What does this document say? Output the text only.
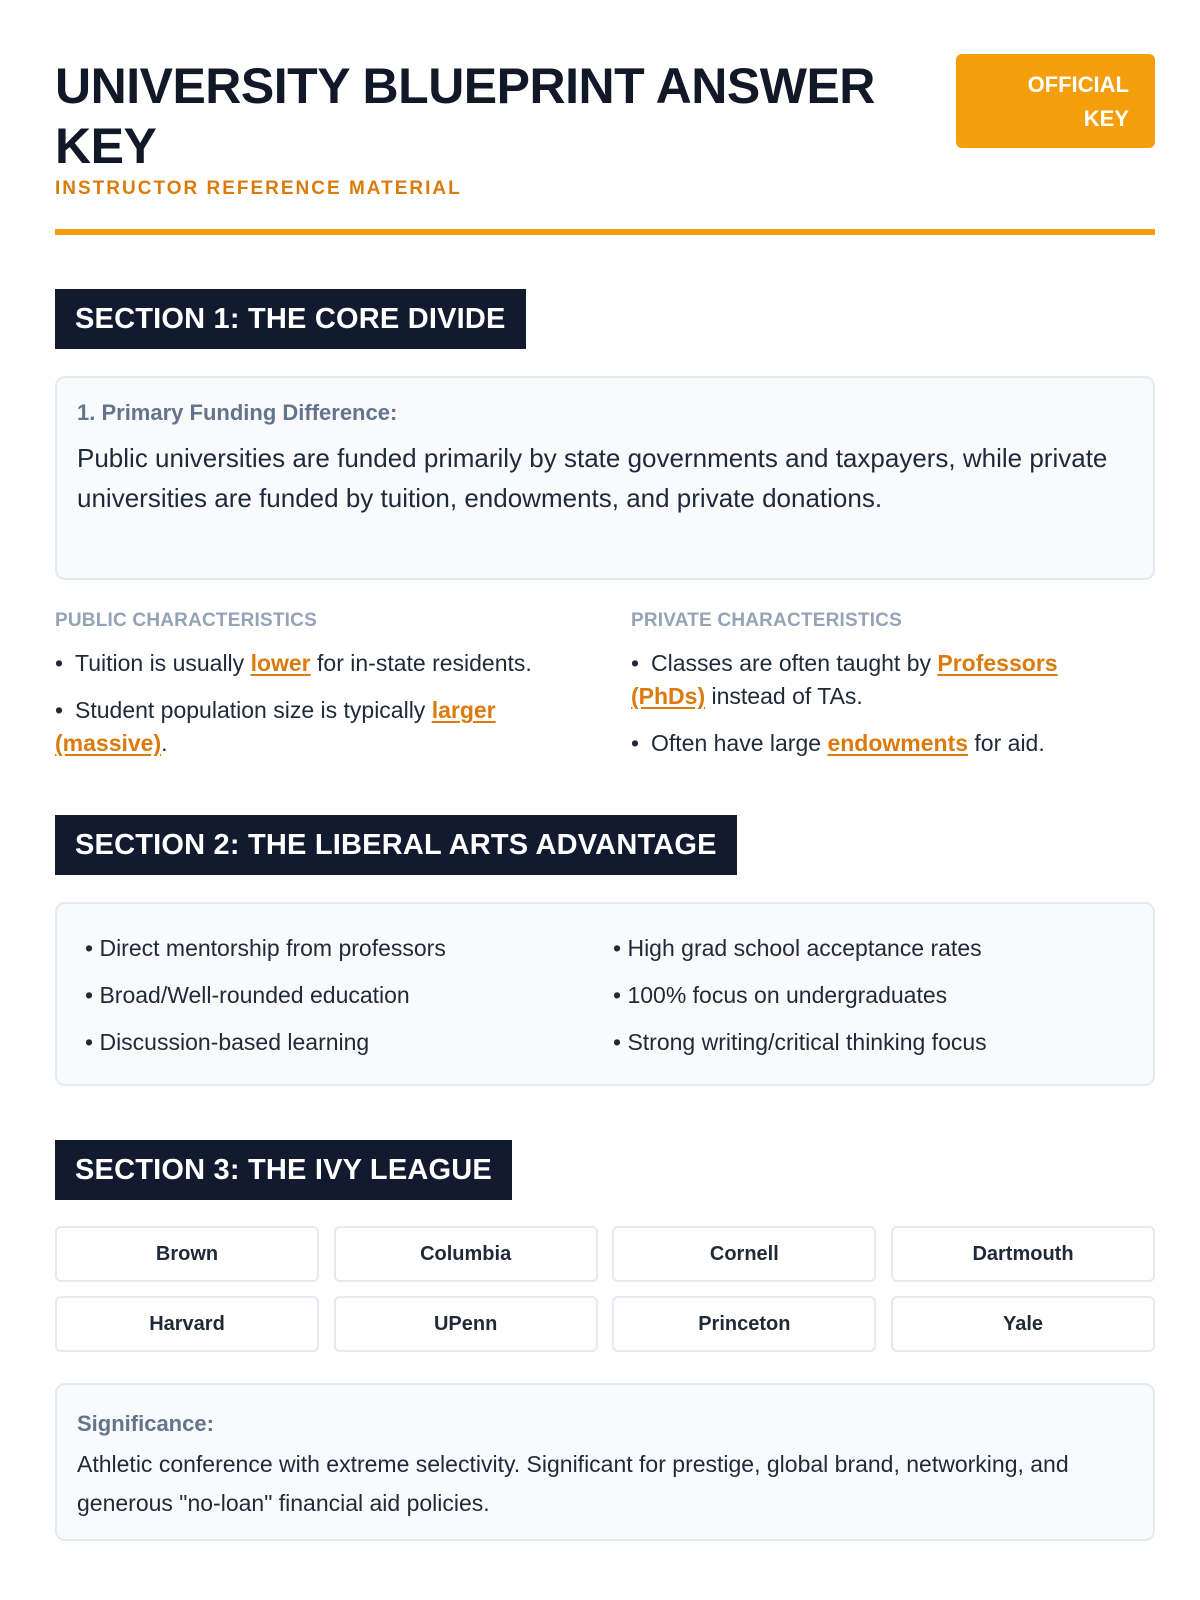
UNIVERSITY BLUEPRINT ANSWER KEY
INSTRUCTOR REFERENCE MATERIAL
OFFICIAL
KEY
SECTION 1: THE CORE DIVIDE
1. Primary Funding Difference:
Public universities are funded primarily by state governments and taxpayers, while private universities are funded by tuition, endowments, and private donations.
PUBLIC CHARACTERISTICS
• Tuition is usually lower for in-state residents.
• Student population size is typically larger (massive).
PRIVATE CHARACTERISTICS
• Classes are often taught by Professors (PhDs) instead of TAs.
• Often have large endowments for aid.
SECTION 2: THE LIBERAL ARTS ADVANTAGE
• Direct mentorship from professors
• Broad/Well-rounded education
• Discussion-based learning
• High grad school acceptance rates
• 100% focus on undergraduates
• Strong writing/critical thinking focus
SECTION 3: THE IVY LEAGUE
Brown	Columbia	Cornell	Dartmouth
Harvard	UPenn	Princeton	Yale
Significance:
Athletic conference with extreme selectivity. Significant for prestige, global brand, networking, and generous "no-loan" financial aid policies.
